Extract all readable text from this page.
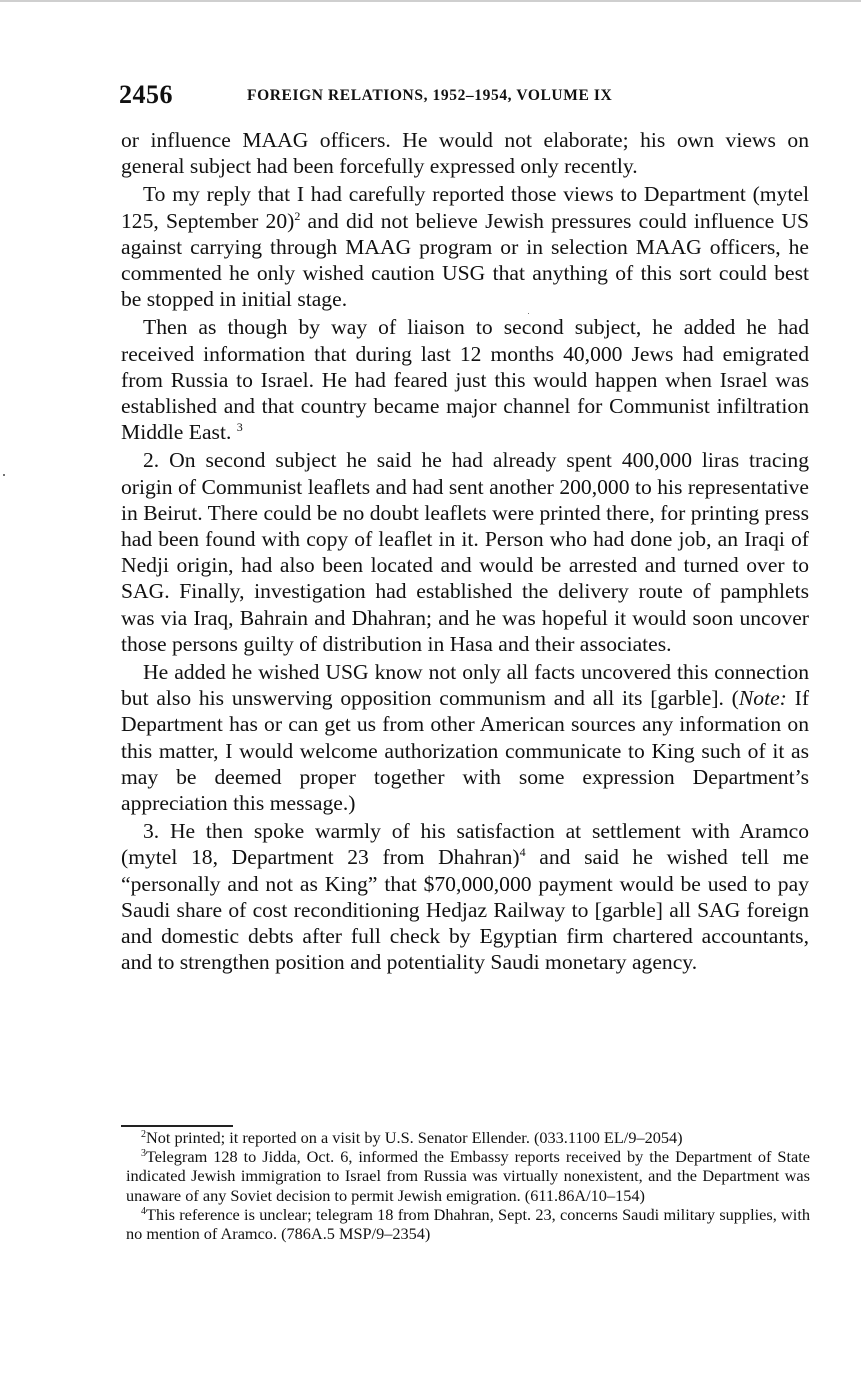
2456	FOREIGN RELATIONS, 1952–1954, VOLUME IX

or influence MAAG officers. He would not elaborate; his own views on general subject had been forcefully expressed only recently.

To my reply that I had carefully reported those views to Department (mytel 125, September 20)$^2$ and did not believe Jewish pressures could influence US against carrying through MAAG program or in selection MAAG officers, he commented he only wished caution USG that anything of this sort could best be stopped in initial stage.

Then as though by way of liaison to second subject, he added he had received information that during last 12 months 40,000 Jews had emigrated from Russia to Israel. He had feared just this would happen when Israel was established and that country became major channel for Communist infiltration Middle East. $^3$

2. On second subject he said he had already spent 400,000 liras tracing origin of Communist leaflets and had sent another 200,000 to his representative in Beirut. There could be no doubt leaflets were printed there, for printing press had been found with copy of leaflet in it. Person who had done job, an Iraqi of Nedji origin, had also been located and would be arrested and turned over to SAG. Finally, investigation had established the delivery route of pamphlets was via Iraq, Bahrain and Dhahran; and he was hopeful it would soon uncover those persons guilty of distribution in Hasa and their associates.

He added he wished USG know not only all facts uncovered this connection but also his unswerving opposition communism and all its [garble]. (Note: If Department has or can get us from other American sources any information on this matter, I would welcome authorization communicate to King such of it as may be deemed proper together with some expression Department’s appreciation this message.)

3. He then spoke warmly of his satisfaction at settlement with Aramco (mytel 18, Department 23 from Dhahran)$^4$ and said he wished tell me “personally and not as King” that $70,000,000 payment would be used to pay Saudi share of cost reconditioning Hedjaz Railway to [garble] all SAG foreign and domestic debts after full check by Egyptian firm chartered accountants, and to strengthen position and potentiality Saudi monetary agency.

$^2$Not printed; it reported on a visit by U.S. Senator Ellender. (033.1100 EL/9–2054)

$^3$Telegram 128 to Jidda, Oct. 6, informed the Embassy reports received by the Department of State indicated Jewish immigration to Israel from Russia was virtually nonexistent, and the Department was unaware of any Soviet decision to permit Jewish emigration. (611.86A/10–154)

$^4$This reference is unclear; telegram 18 from Dhahran, Sept. 23, concerns Saudi military supplies, with no mention of Aramco. (786A.5 MSP/9–2354)
